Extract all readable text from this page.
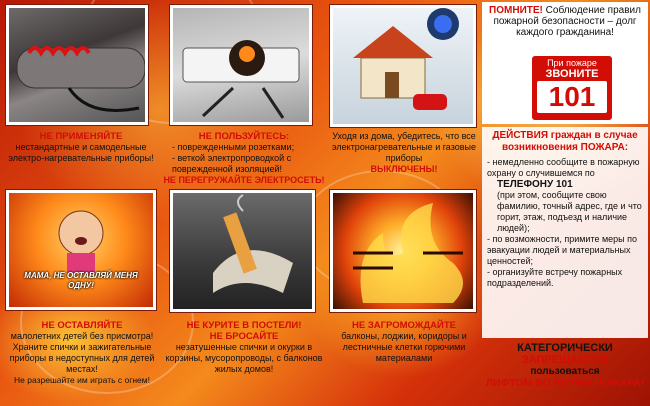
НЕ ПРИМЕНЯЙТЕ
нестандартные и самодельные электро-нагревательные приборы!
НЕ ПОЛЬЗУЙТЕСЬ:
- поврежденными розетками;
- веткой электропроводкой с поврежденной изоляцией!
НЕ ПЕРЕГРУЖАЙТЕ ЭЛЕКТРОСЕТЬ!
Уходя из дома, убедитесь, что все электронагревательные и газовые приборы
ВЫКЛЮЧЕНЫ!
МАМА, НЕ ОСТАВЛЯЙ МЕНЯ ОДНУ!
НЕ ОСТАВЛЯЙТЕ
малолетних детей без присмотра!
Храните спички и зажигательные приборы в недоступных для детей местах!
Не разрешайте им играть с огнем!
НЕ КУРИТЕ В ПОСТЕЛИ!
НЕ БРОСАЙТЕ
незатушенные спички и окурки в корзины, мусоропроводы, с балконов жилых домов!
НЕ ЗАГРОМОЖДАЙТЕ
балконы, лоджии, коридоры и лестничные клетки горючими материалами
ПОМНИТЕ! Соблюдение правил пожарной безопасности – долг каждого гражданина!
При пожаре
ЗВОНИТЕ
101
ДЕЙСТВИЯ граждан в случае возникновения ПОЖАРА:
- немедленно сообщите в пожарную охрану о случившемся по
ТЕЛЕФОНУ 101
(при этом, сообщите свою фамилию, точный адрес, где и что горит, этаж, подъезд и наличие людей);
- по возможности, примите меры по эвакуации людей и материальных ценностей;
- организуйте встречу пожарных подразделений.
КАТЕГОРИЧЕСКИ
ЗАПРЕЩАЕТСЯ
пользоваться
ЛИФТОМ ВО ВРЕМЯ ПОЖАРА!
